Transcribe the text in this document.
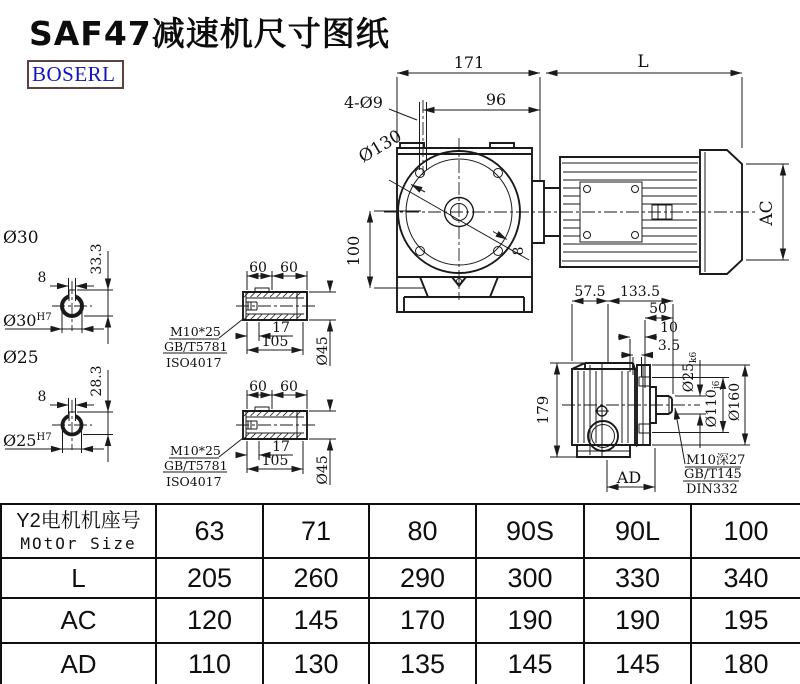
171	L
96
4-Ø9
Ø130
100
AC
8
Ø30
8
33.3
$Ø30^{H7}$
Ø25
8
28.3
$Ø25^{H7}$
60 60
17
105 Ø45
M10*25
GB/T5781
ISO4017
60 60
17
105 Ø45
M10*25
GB/T5781
ISO4017
57.5 133.5
50
10
3.5
$Ø25_{k6}$
$Ø110_{j6}$ Ø160
179
AD
M10深27
GB/T145
DIN332
SAF47减速机尺寸图纸
BOSERL
Y2电机机座号
MOtOr Size	63	71	80	90S	90L	100
L	205	260	290	300	330	340
AC	120	145	170	190	190	195
AD	110	130	135	145	145	180
